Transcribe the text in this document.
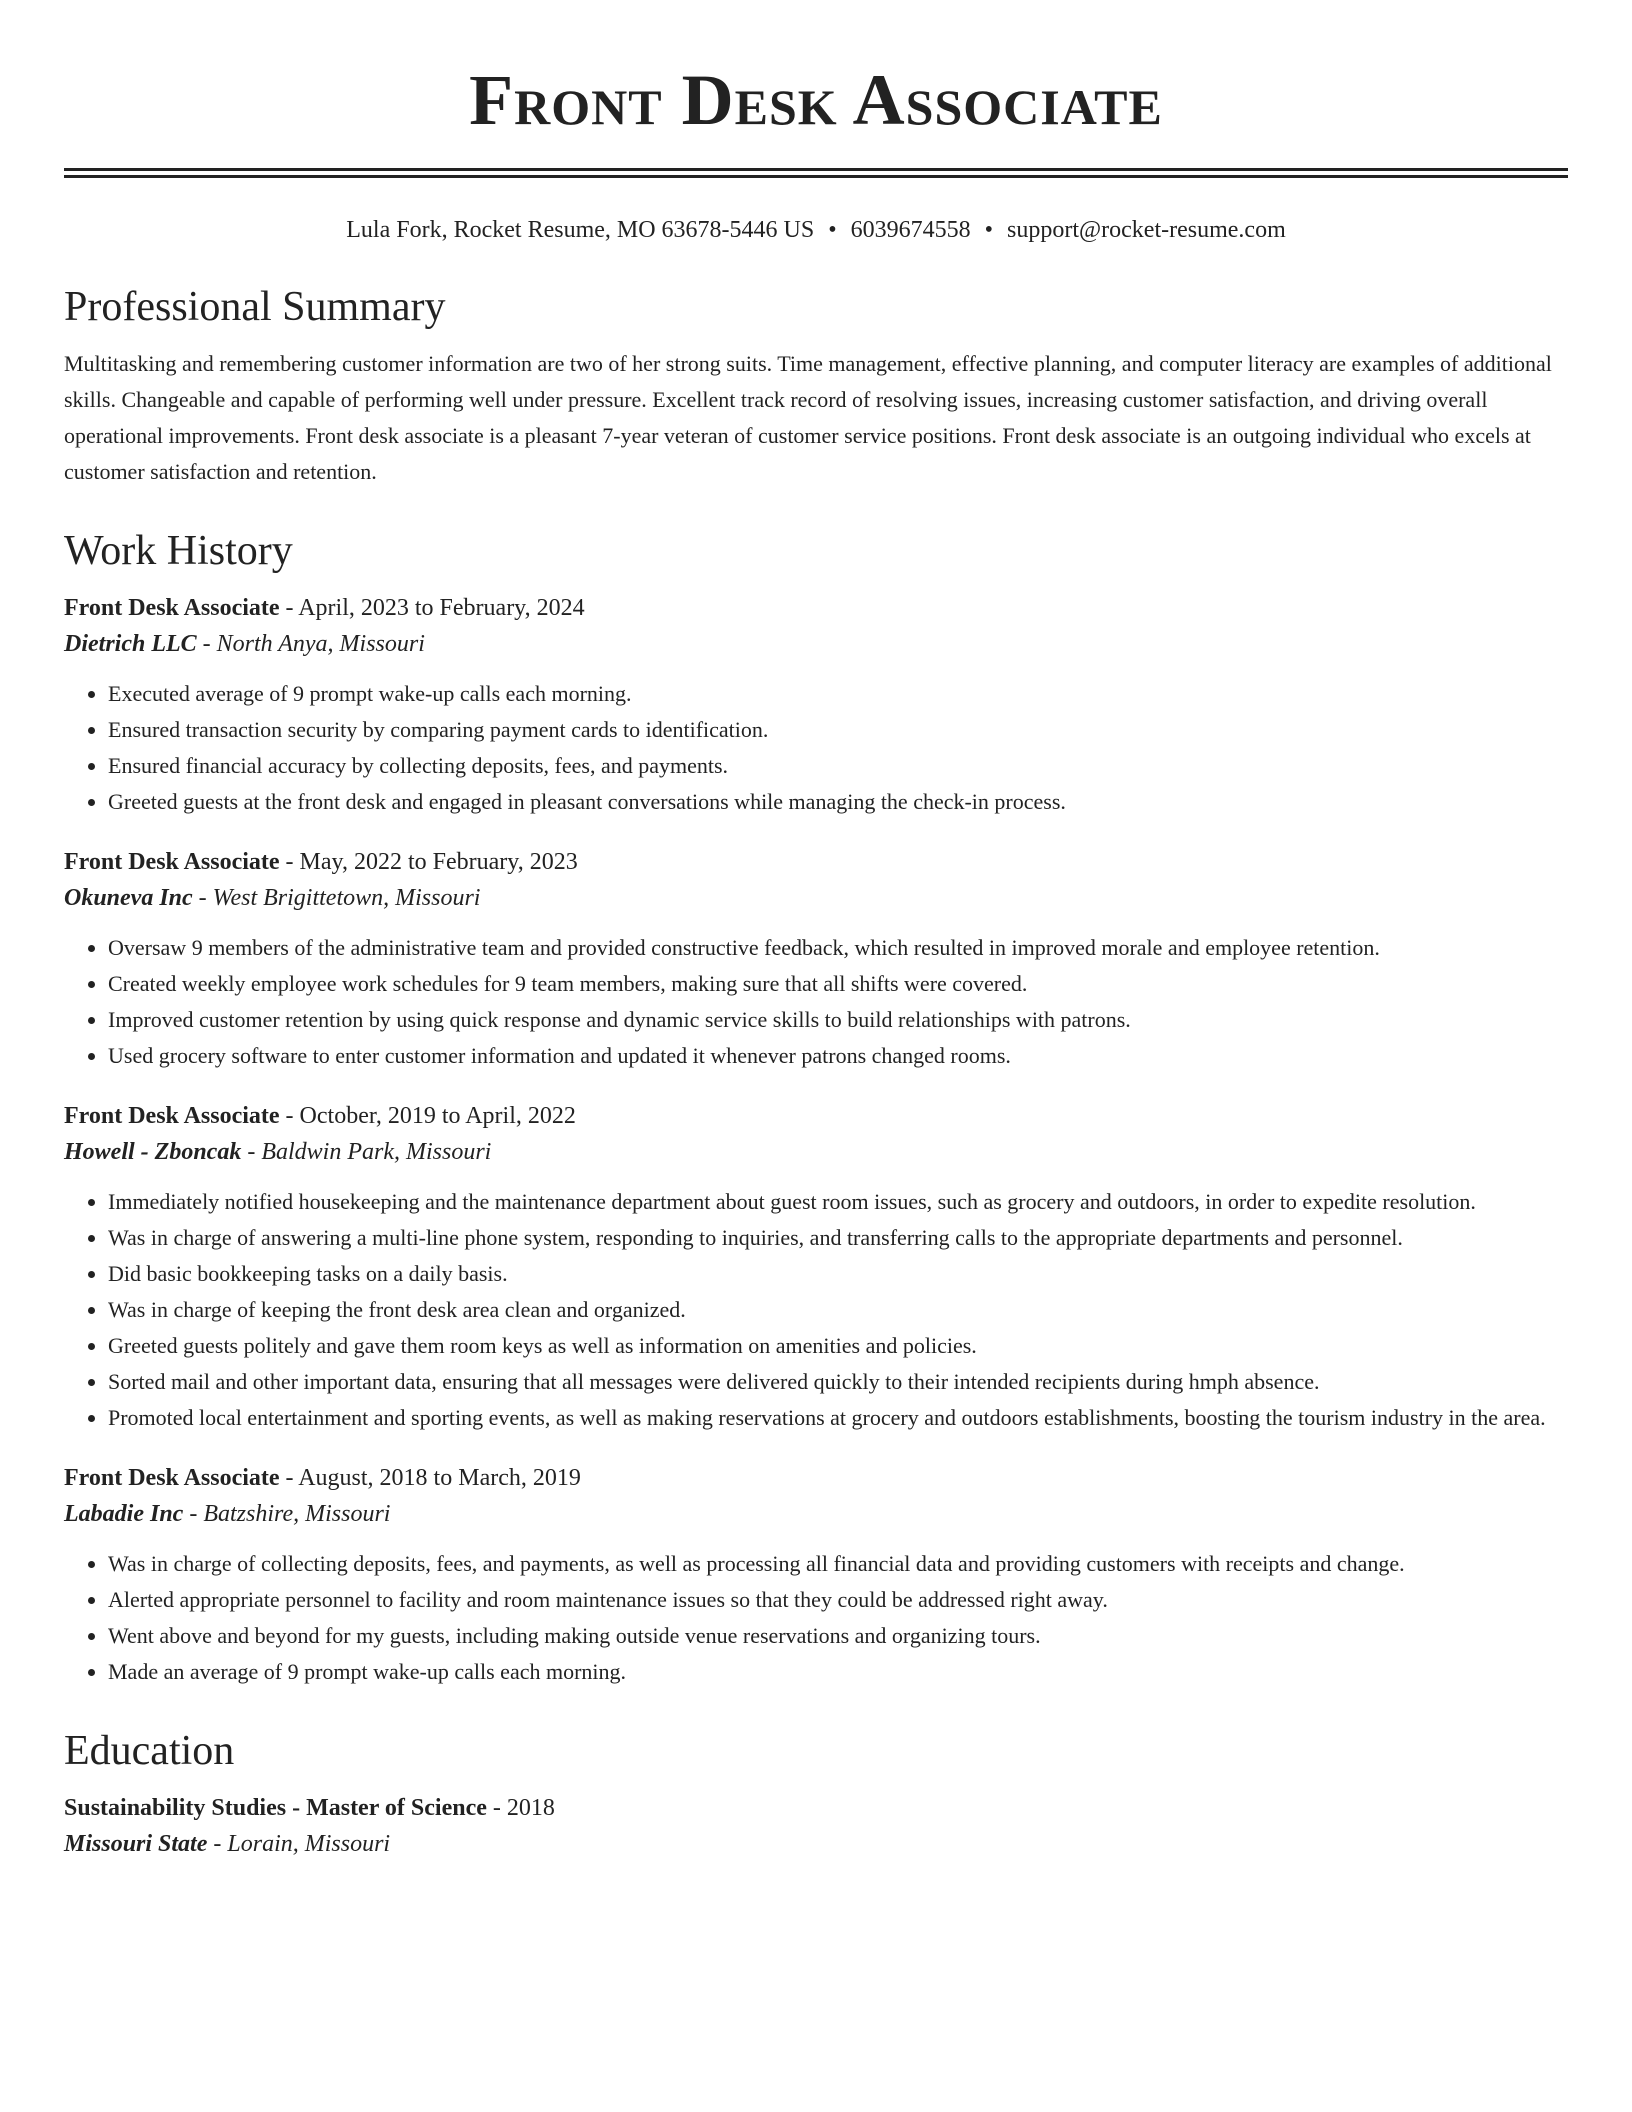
Front Desk Associate
Lula Fork, Rocket Resume, MO 63678-5446 US • 6039674558 • support@rocket-resume.com
Professional Summary

Multitasking and remembering customer information are two of her strong suits. Time management, effective planning, and computer literacy are examples of additional skills. Changeable and capable of performing well under pressure. Excellent track record of resolving issues, increasing customer satisfaction, and driving overall operational improvements. Front desk associate is a pleasant 7-year veteran of customer service positions. Front desk associate is an outgoing individual who excels at customer satisfaction and retention.

Work History
Front Desk Associate - April, 2023 to February, 2024
Dietrich LLC - North Anya, Missouri
• Executed average of 9 prompt wake-up calls each morning.
• Ensured transaction security by comparing payment cards to identification.
• Ensured financial accuracy by collecting deposits, fees, and payments.
• Greeted guests at the front desk and engaged in pleasant conversations while managing the check-in process.
Front Desk Associate - May, 2022 to February, 2023
Okuneva Inc - West Brigittetown, Missouri
• Oversaw 9 members of the administrative team and provided constructive feedback, which resulted in improved morale and employee retention.
• Created weekly employee work schedules for 9 team members, making sure that all shifts were covered.
• Improved customer retention by using quick response and dynamic service skills to build relationships with patrons.
• Used grocery software to enter customer information and updated it whenever patrons changed rooms.
Front Desk Associate - October, 2019 to April, 2022
Howell - Zboncak - Baldwin Park, Missouri
• Immediately notified housekeeping and the maintenance department about guest room issues, such as grocery and outdoors, in order to expedite resolution.
• Was in charge of answering a multi-line phone system, responding to inquiries, and transferring calls to the appropriate departments and personnel.
• Did basic bookkeeping tasks on a daily basis.
• Was in charge of keeping the front desk area clean and organized.
• Greeted guests politely and gave them room keys as well as information on amenities and policies.
• Sorted mail and other important data, ensuring that all messages were delivered quickly to their intended recipients during hmph absence.
• Promoted local entertainment and sporting events, as well as making reservations at grocery and outdoors establishments, boosting the tourism industry in the area.
Front Desk Associate - August, 2018 to March, 2019
Labadie Inc - Batzshire, Missouri
• Was in charge of collecting deposits, fees, and payments, as well as processing all financial data and providing customers with receipts and change.
• Alerted appropriate personnel to facility and room maintenance issues so that they could be addressed right away.
• Went above and beyond for my guests, including making outside venue reservations and organizing tours.
• Made an average of 9 prompt wake-up calls each morning.
Education
Sustainability Studies - Master of Science - 2018
Missouri State - Lorain, Missouri
